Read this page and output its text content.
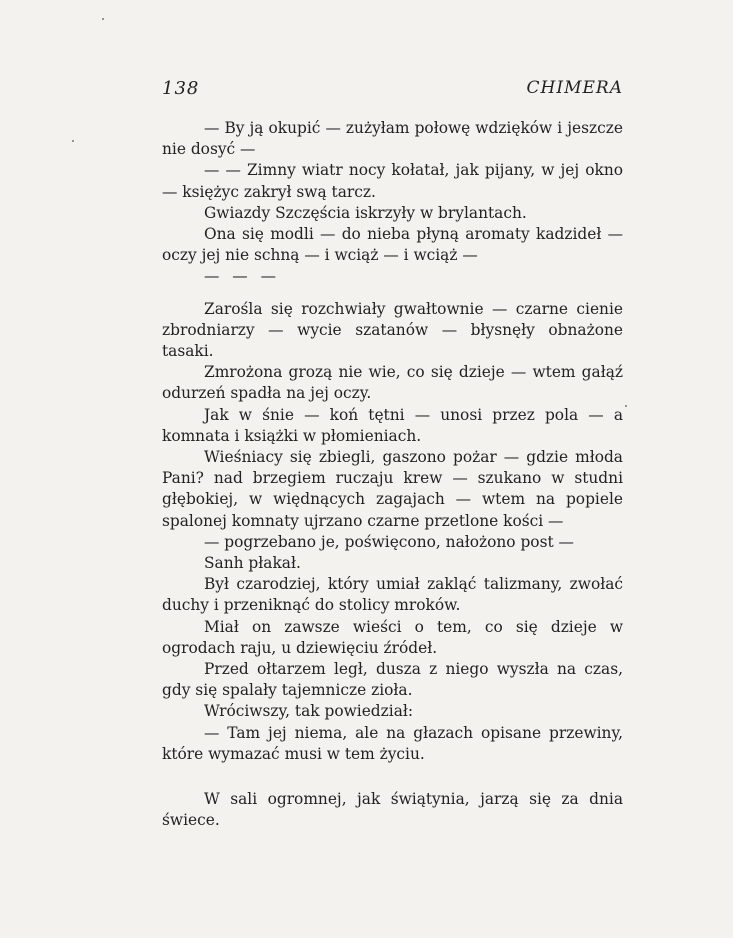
138	CHIMERA

— By ją okupić — zużyłam połowę wdzięków i jeszcze nie dosyć —

— — Zimny wiatr nocy kołatał, jak pijany, w jej okno — księżyc zakrył swą tarcz.

Gwiazdy Szczęścia iskrzyły w brylantach.

Ona się modli — do nieba płyną aromaty kadzideł — oczy jej nie schną — i wciąż — i wciąż —

— — —

Zarośla się rozchwiały gwałtownie — czarne cienie zbrodniarzy — wycie szatanów — błysnęły obnażone tasaki.

Zmrożona grozą nie wie, co się dzieje — wtem gałąź odurzeń spadła na jej oczy.

Jak w śnie — koń tętni — unosi przez pola — a komnata i książki w płomieniach.

Wieśniacy się zbiegli, gaszono pożar — gdzie młoda Pani? nad brzegiem ruczaju krew — szukano w studni głębokiej, w więdnących zagajach — wtem na popiele spalonej komnaty ujrzano czarne przetlone kości —

— pogrzebano je, poświęcono, nałożono post —

Sanh płakał.

Był czarodziej, który umiał zakląć talizmany, zwołać duchy i przeniknąć do stolicy mroków.

Miał on zawsze wieści o tem, co się dzieje w ogrodach raju, u dziewięciu źródeł.

Przed ołtarzem legł, dusza z niego wyszła na czas, gdy się spalały tajemnicze zioła.

Wróciwszy, tak powiedział:

— Tam jej niema, ale na głazach opisane przewiny, które wymazać musi w tem życiu.

W sali ogromnej, jak świątynia, jarzą się za dnia świece.
